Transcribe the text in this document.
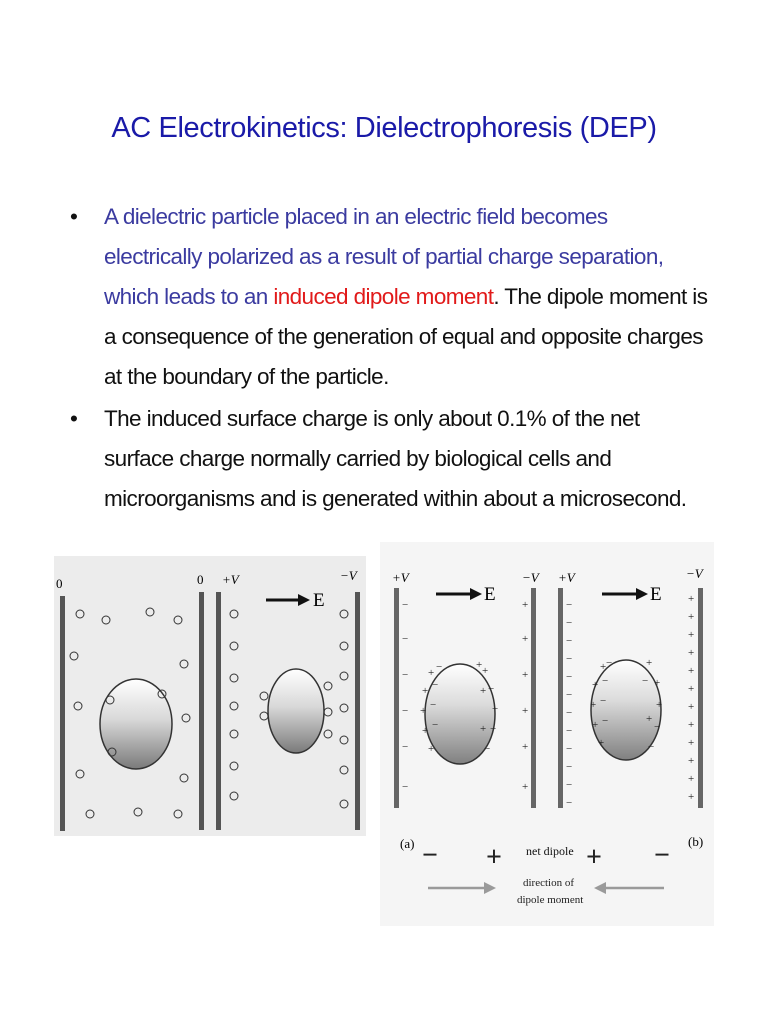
AC Electrokinetics: Dielectrophoresis (DEP)
• A dielectric particle placed in an electric field becomes electrically polarized as a result of partial charge separation, which leads to an induced dipole moment. The dipole moment is a consequence of the generation of equal and opposite charges at the boundary of the particle.
• The induced surface charge is only about 0.1% of the net surface charge normally carried by biological cells and microorganisms and is generated within about a microsecond.
0	0 +V	−V
E
+V	−V +V	−V
−
−
−
−
−
−
+
+
+
+
+
+
−
−
−
−
−
−
−
−
−
−
−
−
+
+
+
+
+
+
+
+
+
+
+
+
E	E
+
+
+
+
+
−
−
−
−
+
−
−
−
−
+
+
+
+
+
+
+
+
−
−
−
−
+
+
+
−
−
−
+
(a)	(b)
− + net dipole + −
direction of
dipole moment
